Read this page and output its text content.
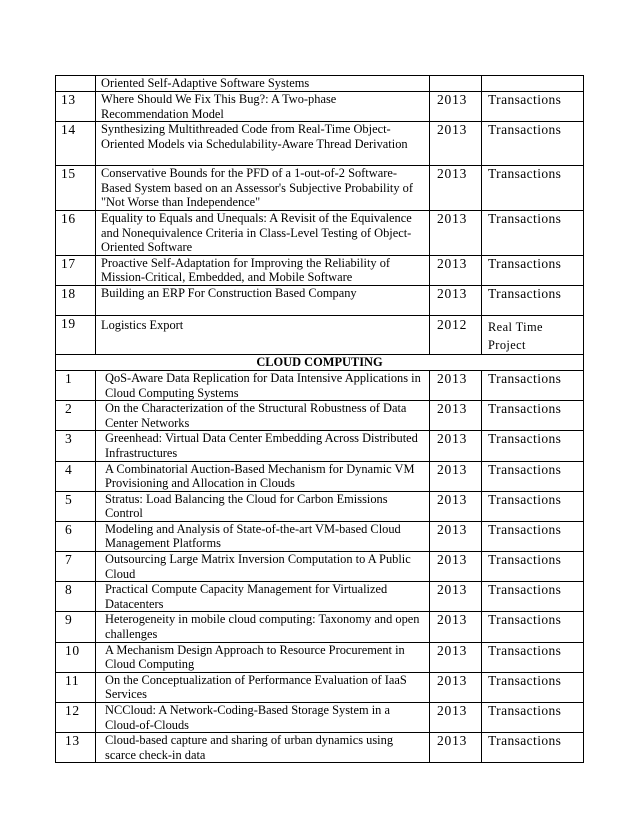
	Oriented Self-Adaptive Software Systems		
13	Where Should We Fix This Bug?: A Two-phase Recommendation Model	2013	Transactions
14	Synthesizing Multithreaded Code from Real-Time Object-Oriented Models via Schedulability-Aware Thread Derivation	2013	Transactions
15	Conservative Bounds for the PFD of a 1-out-of-2 Software-Based System based on an Assessor's Subjective Probability of "Not Worse than Independence"	2013	Transactions
16	Equality to Equals and Unequals: A Revisit of the Equivalence and Nonequivalence Criteria in Class-Level Testing of Object-Oriented Software	2013	Transactions
17	Proactive Self-Adaptation for Improving the Reliability of Mission-Critical, Embedded, and Mobile Software	2013	Transactions
18	Building an ERP For Construction Based Company	2013	Transactions
19	Logistics Export	2012	Real Time Project
CLOUD COMPUTING			
1	QoS-Aware Data Replication for Data Intensive Applications in Cloud Computing Systems	2013	Transactions
2	On the Characterization of the Structural Robustness of Data Center Networks	2013	Transactions
3	Greenhead: Virtual Data Center Embedding Across Distributed Infrastructures	2013	Transactions
4	A Combinatorial Auction-Based Mechanism for Dynamic VM Provisioning and Allocation in Clouds	2013	Transactions
5	Stratus: Load Balancing the Cloud for Carbon Emissions Control	2013	Transactions
6	Modeling and Analysis of State-of-the-art VM-based Cloud Management Platforms	2013	Transactions
7	Outsourcing Large Matrix Inversion Computation to A Public Cloud	2013	Transactions
8	Practical Compute Capacity Management for Virtualized Datacenters	2013	Transactions
9	Heterogeneity in mobile cloud computing: Taxonomy and open challenges	2013	Transactions
10	A Mechanism Design Approach to Resource Procurement in Cloud Computing	2013	Transactions
11	On the Conceptualization of Performance Evaluation of IaaS Services	2013	Transactions
12	NCCloud: A Network-Coding-Based Storage System in a Cloud-of-Clouds	2013	Transactions
13	Cloud-based capture and sharing of urban dynamics using scarce check-in data	2013	Transactions
